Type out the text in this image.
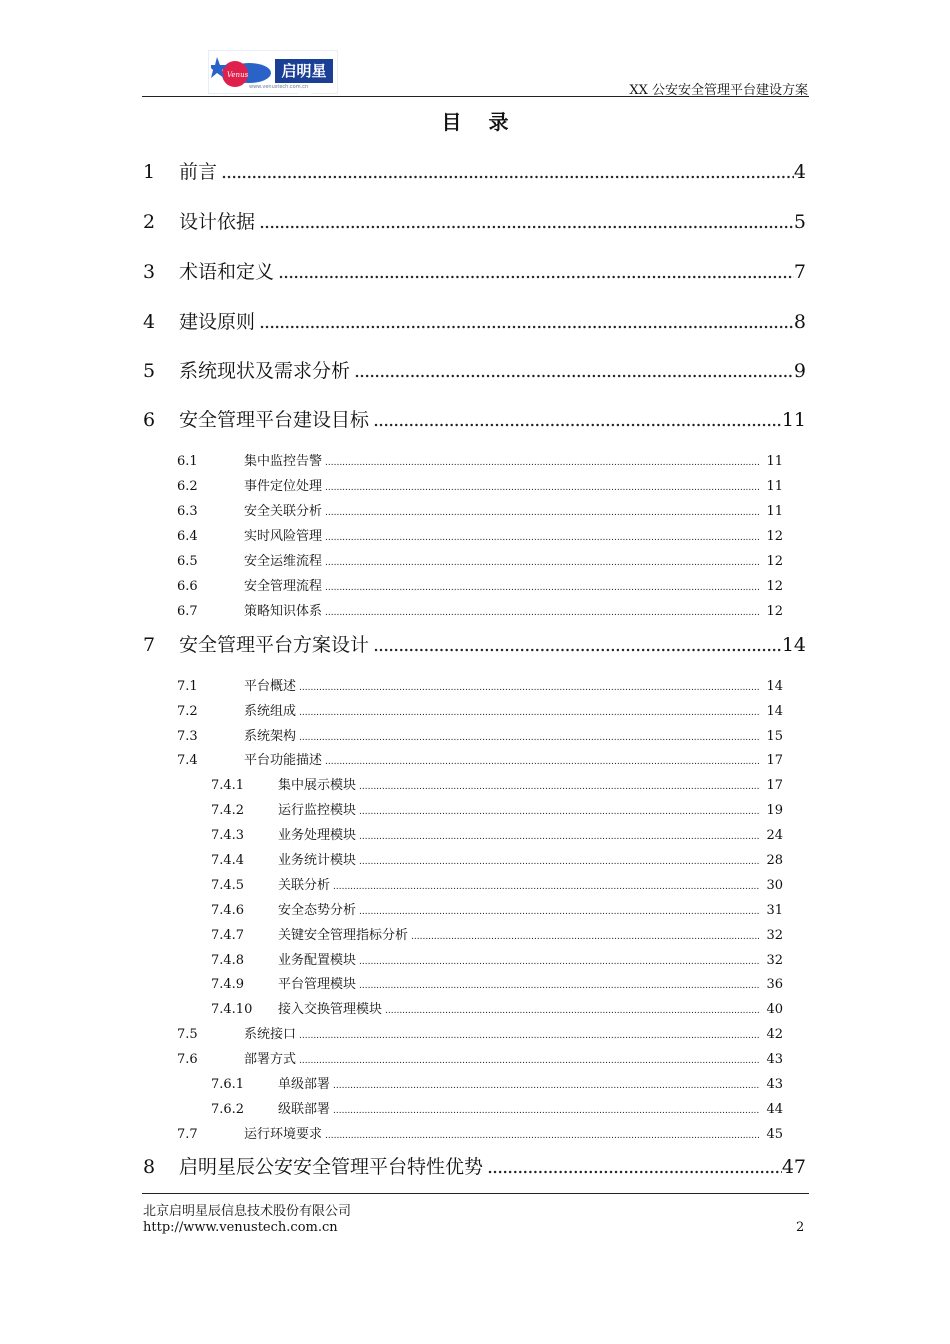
Venus	启明星辰
www.venustech.com.cn	XX 公安安全管理平台建设方案
目 录
1	前言 .....	4
2	设计依据 .....	5
3	术语和定义 .....	7
4	建设原则 .....	8
5	系统现状及需求分析 .....	9
6	安全管理平台建设目标 .....	11
6.1	集中监控告警 .....	11
6.2	事件定位处理 .....	11
6.3	安全关联分析 .....	11
6.4	实时风险管理 .....	12
6.5	安全运维流程 .....	12
6.6	安全管理流程 .....	12
6.7	策略知识体系 .....	12
7	安全管理平台方案设计 .....	14
7.1	平台概述 .....	14
7.2	系统组成 .....	14
7.3	系统架构 .....	15
7.4	平台功能描述 .....	17
7.4.1	集中展示模块 .....	17
7.4.2	运行监控模块 .....	19
7.4.3	业务处理模块 .....	24
7.4.4	业务统计模块 .....	28
7.4.5	关联分析 .....	30
7.4.6	安全态势分析 .....	31
7.4.7	关键安全管理指标分析 .....	32
7.4.8	业务配置模块 .....	32
7.4.9	平台管理模块 .....	36
7.4.10	接入交换管理模块 .....	40
7.5	系统接口 .....	42
7.6	部署方式 .....	43
7.6.1	单级部署 .....	43
7.6.2	级联部署 .....	44
7.7	运行环境要求 .....	45
8	启明星辰公安安全管理平台特性优势 .....	47
北京启明星辰信息技术股份有限公司
http://www.venustech.com.cn	2
